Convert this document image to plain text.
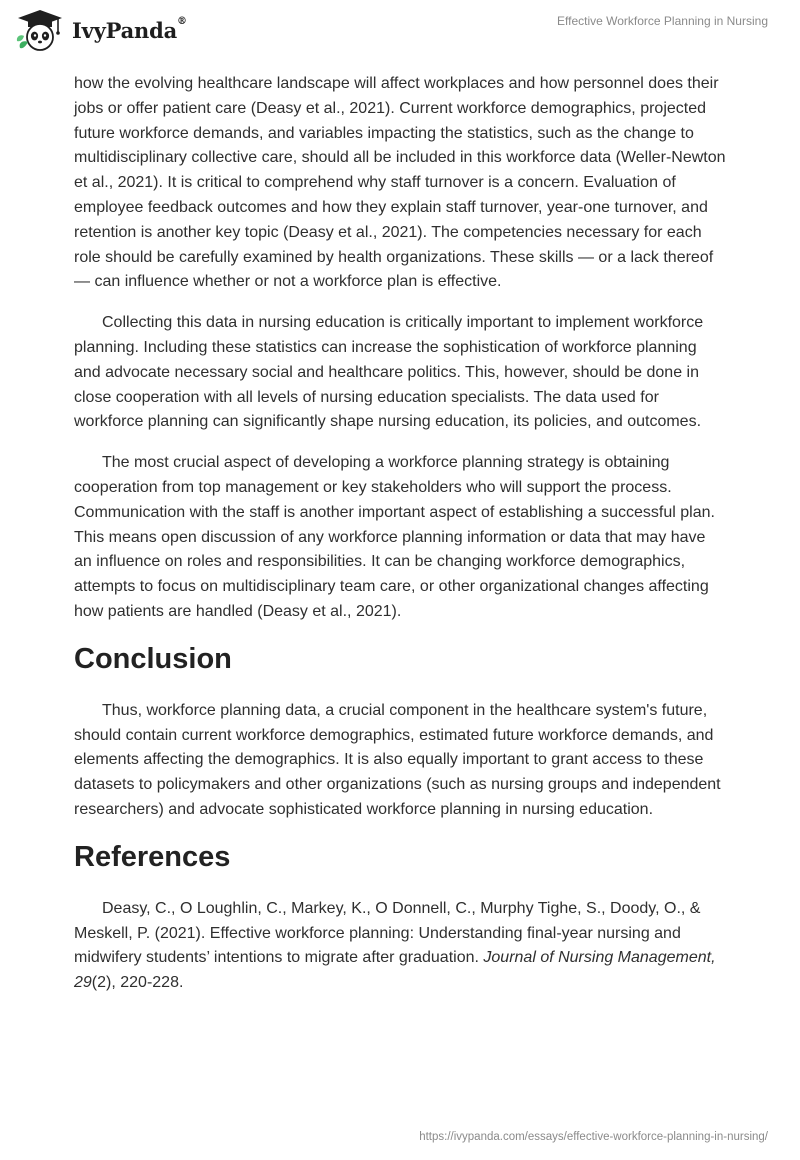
IvyPanda®	Effective Workforce Planning in Nursing

how the evolving healthcare landscape will affect workplaces and how personnel does their jobs or offer patient care (Deasy et al., 2021). Current workforce demographics, projected future workforce demands, and variables impacting the statistics, such as the change to multidisciplinary collective care, should all be included in this workforce data (Weller-Newton et al., 2021). It is critical to comprehend why staff turnover is a concern. Evaluation of employee feedback outcomes and how they explain staff turnover, year-one turnover, and retention is another key topic (Deasy et al., 2021). The competencies necessary for each role should be carefully examined by health organizations. These skills — or a lack thereof — can influence whether or not a workforce plan is effective.

Collecting this data in nursing education is critically important to implement workforce planning. Including these statistics can increase the sophistication of workforce planning and advocate necessary social and healthcare politics. This, however, should be done in close cooperation with all levels of nursing education specialists. The data used for workforce planning can significantly shape nursing education, its policies, and outcomes.

The most crucial aspect of developing a workforce planning strategy is obtaining cooperation from top management or key stakeholders who will support the process. Communication with the staff is another important aspect of establishing a successful plan. This means open discussion of any workforce planning information or data that may have an influence on roles and responsibilities. It can be changing workforce demographics, attempts to focus on multidisciplinary team care, or other organizational changes affecting how patients are handled (Deasy et al., 2021).

Conclusion

Thus, workforce planning data, a crucial component in the healthcare system's future, should contain current workforce demographics, estimated future workforce demands, and elements affecting the demographics. It is also equally important to grant access to these datasets to policymakers and other organizations (such as nursing groups and independent researchers) and advocate sophisticated workforce planning in nursing education.

References

Deasy, C., O Loughlin, C., Markey, K., O Donnell, C., Murphy Tighe, S., Doody, O., & Meskell, P. (2021). Effective workforce planning: Understanding final-year nursing and midwifery students’ intentions to migrate after graduation. Journal of Nursing Management, 29(2), 220-228.

https://ivypanda.com/essays/effective-workforce-planning-in-nursing/
